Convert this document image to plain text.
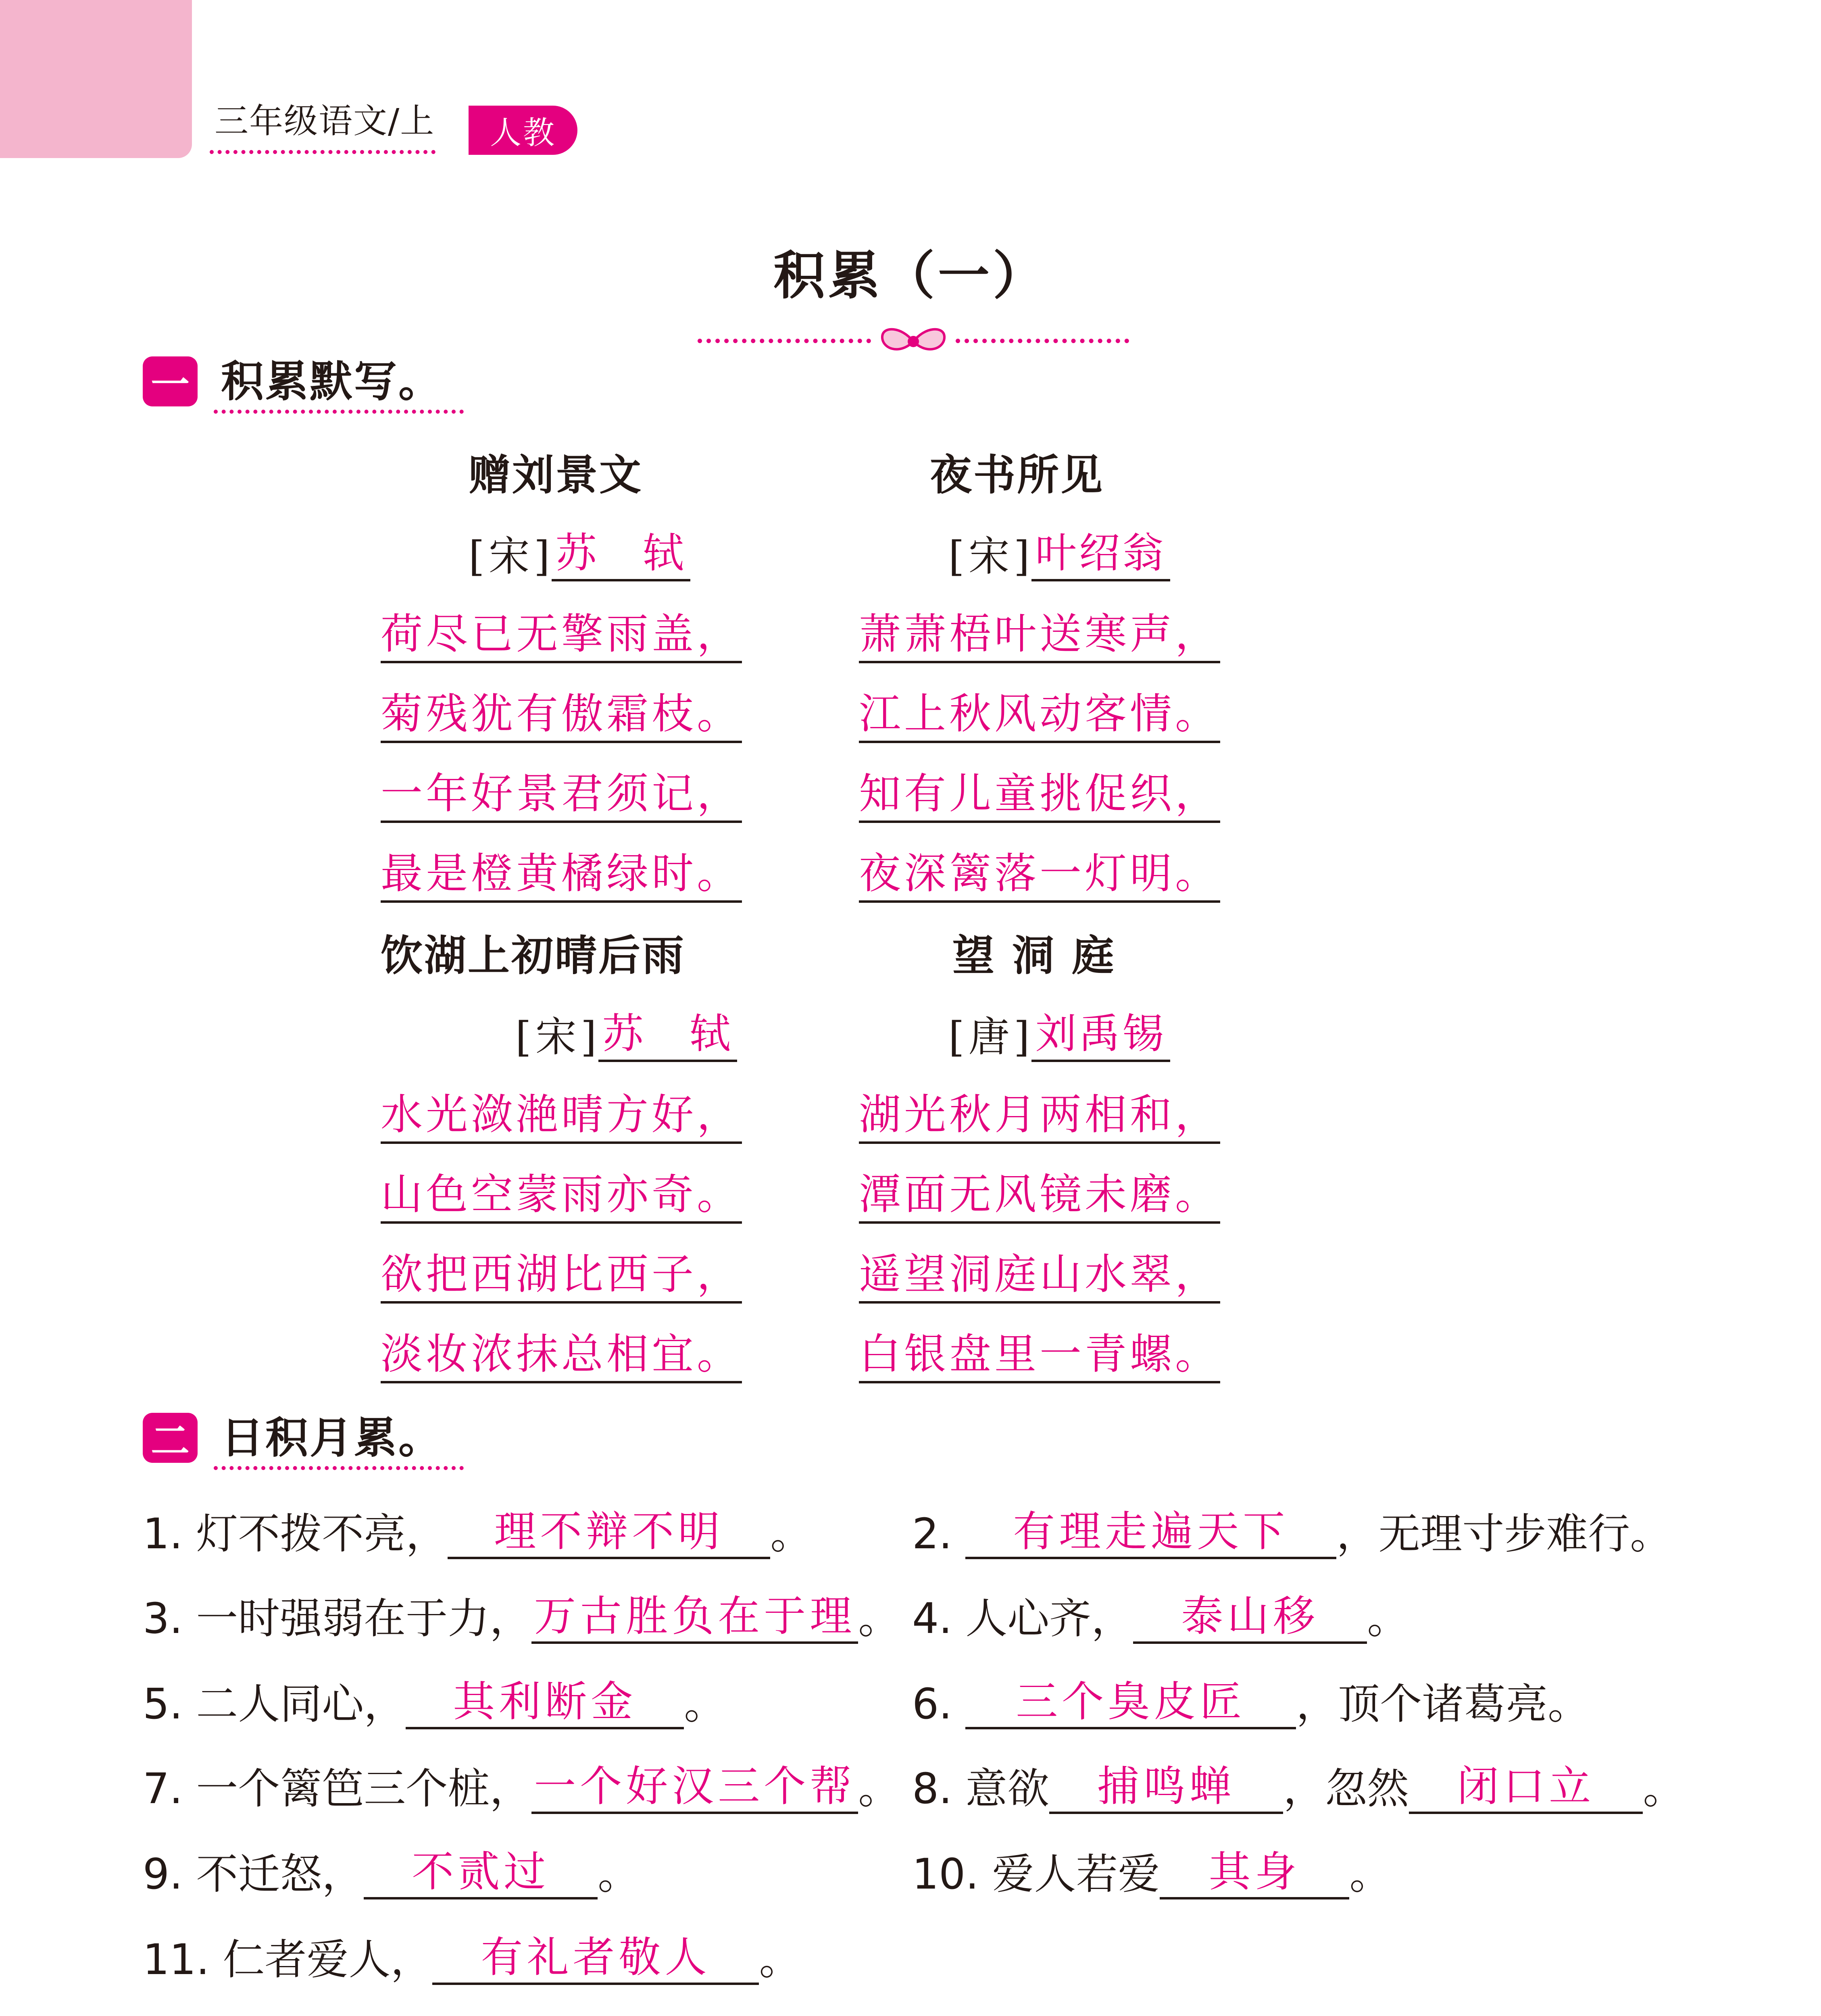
三年级语文/上	人教
积累（一）
一 积累默写。
赠刘景文
[ 宋 ] 苏　轼
荷尽已无擎雨盖，
菊残犹有傲霜枝。
一年好景君须记，
最是橙黄橘绿时。
夜书所见
[ 宋 ] 叶绍翁
萧萧梧叶送寒声，
江上秋风动客情。
知有儿童挑促织，
夜深篱落一灯明。
饮湖上初晴后雨
[ 宋 ] 苏　轼
水光潋滟晴方好，
山色空蒙雨亦奇。
欲把西湖比西子，
淡妆浓抹总相宜。
望 洞 庭
[ 唐 ] 刘禹锡
湖光秋月两相和，
潭面无风镜未磨。
遥望洞庭山水翠，
白银盘里一青螺。
二 日积月累。
1. 灯不拨不亮， 理不辩不明 。 2. 有理走遍天下 ，无理寸步难行。
3. 一时强弱在于力，万古胜负在于理。 4. 人心齐， 泰山移 。
5. 二人同心， 其利断金 。	6. 三个臭皮匠 ，顶个诸葛亮。
7. 一个篱笆三个桩，一个好汉三个帮。 8. 意欲 捕鸣蝉 ，忽然 闭口立 。
9. 不迁怒， 不贰过 。	10. 爱人若爱 其身 。
11. 仁者爱人， 有礼者敬人 。
